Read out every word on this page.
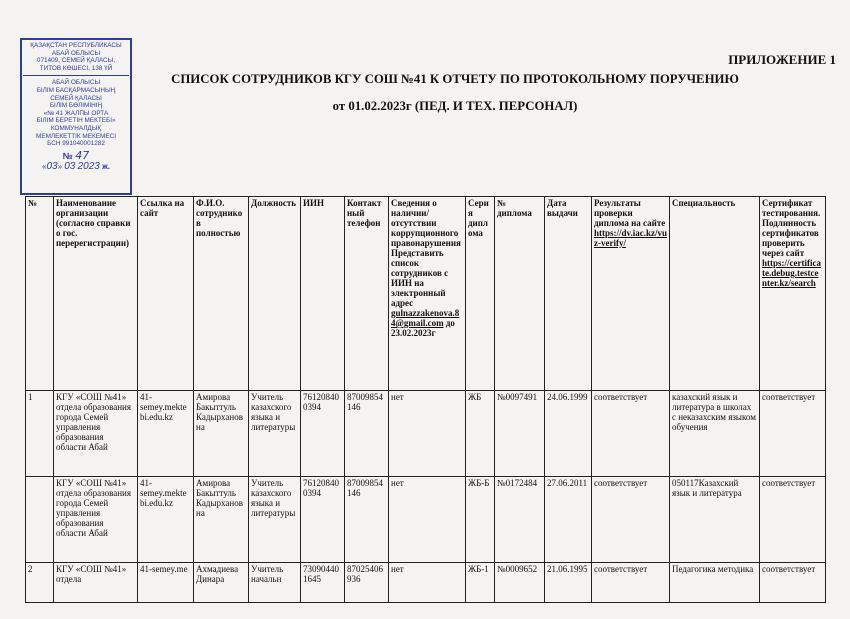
ҚАЗАҚСТАН РЕСПУБЛИКАСЫ
АБАЙ ОБЛЫСЫ
071409, СЕМЕЙ ҚАЛАСЫ,
ТИТОВ КӨШЕСІ, 138 ҮЙ
АБАЙ ОБЛЫСЫ
БІЛІМ БАСҚАРМАСЫНЫҢ
СЕМЕЙ ҚАЛАСЫ
БІЛІМ БӨЛІМІНІҢ
«№ 41 ЖАЛПЫ ОРТА
БІЛІМ БЕРЕТІН МЕКТЕБІ»
КОММУНАЛДЫҚ
МЕМЛЕКЕТТІК МЕКЕМЕСІ
БСН 991040001282
№ 47
«03» 03 2023 ж.
ПРИЛОЖЕНИЕ 1
СПИСОК СОТРУДНИКОВ КГУ СОШ №41 К ОТЧЕТУ ПО ПРОТОКОЛЬНОМУ ПОРУЧЕНИЮ
от 01.02.2023г (ПЕД. И ТЕХ. ПЕРСОНАЛ)
№	Наименование организации (согласно справки о гос. перерегистрации)	Ссылка на сайт	Ф.И.О. сотрудников полностью	Должность	ИИН	Контактный телефон	Сведения о наличии/отсутствии коррупционного правонарушения Представить список сотрудников с ИИН на электронный адрес gulnazzakenova.84@gmail.com до 23.02.2023г	Серия диплома	№ диплома	Дата выдачи	Результаты проверки диплома на сайте https://dv.iac.kz/vuz-verify/	Специальность	Сертификат тестирования. Подлинность сертификатов проверить через сайт https://certificate.debug.testcenter.kz/search
1	КГУ «СОШ №41» отдела образования города Семей управления образования области Абай	41-semey.mektebi.edu.kz	Амирова Бакыттуль Кадырхановна	Учитель казахского языка и литературы	761208400394	87009854146	нет	ЖБ	№0097491	24.06.1999	соответствует	казахский язык и литература в школах с неказахским языком обучения	соответствует
	КГУ «СОШ №41» отдела образования города Семей управления образования области Абай	41-semey.mektebi.edu.kz	Амирова Бакыттуль Кадырхановна	Учитель казахского языка и литературы	761208400394	87009854146	нет	ЖБ-Б	№0172484	27.06.2011	соответствует	050117Казахский язык и литература	соответствует
2	КГУ «СОШ №41» отдела	41-semey.me	Ахмадиева Динара	Учитель начальн	730904401645	87025406936	нет	ЖБ-1	№0009652	21.06.1995	соответствует	Педагогика методика	соответствует
